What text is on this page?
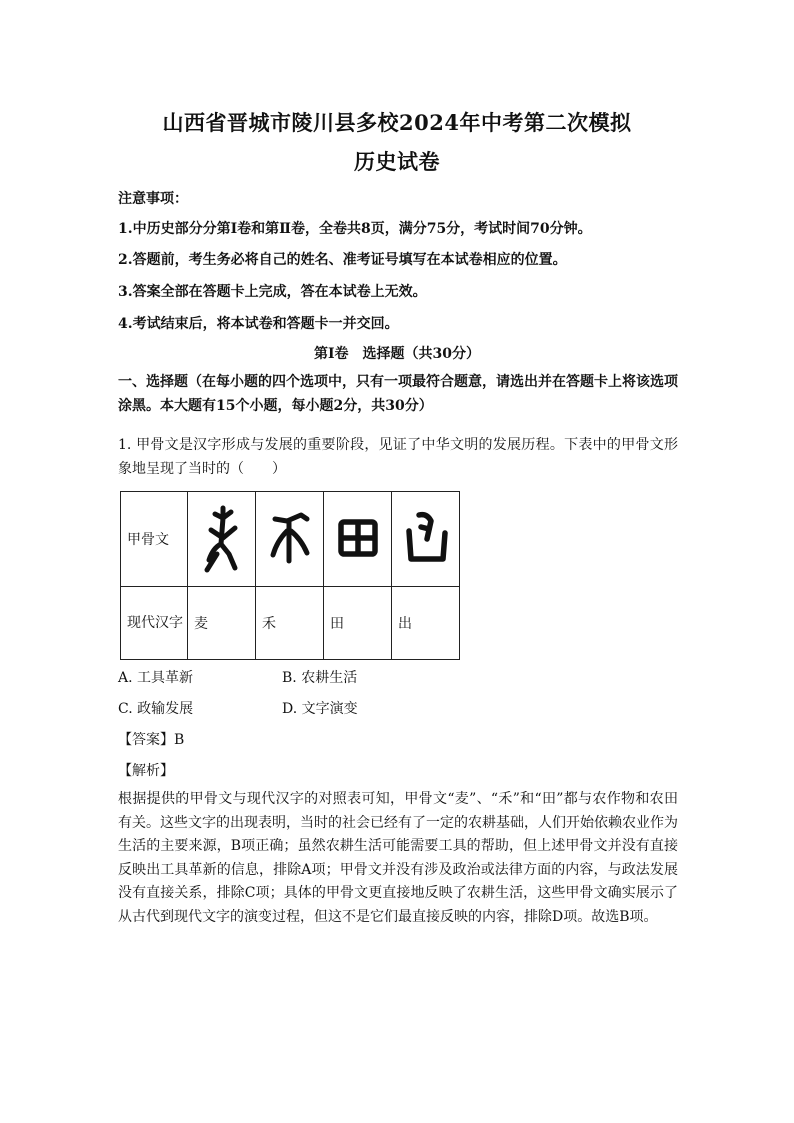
山西省晋城市陵川县多校2024年中考第二次模拟
历史试卷
注意事项：
1.中历史部分分第Ⅰ卷和第Ⅱ卷，全卷共8页，满分75分，考试时间70分钟。
2.答题前，考生务必将自己的姓名、准考证号填写在本试卷相应的位置。
3.答案全部在答题卡上完成，答在本试卷上无效。
4.考试结束后，将本试卷和答题卡一并交回。
第Ⅰ卷　选择题（共30分）
一、选择题（在每小题的四个选项中，只有一项最符合题意，请选出并在答题卡上将该选项涂黑。本大题有15个小题，每小题2分，共30分）
1. 甲骨文是汉字形成与发展的重要阶段，见证了中华文明的发展历程。下表中的甲骨文形象地呈现了当时的（　　）
甲骨文	

现代汉字	麦	禾	田	出
A. 工具革新	B. 农耕生活
C. 政输发展	D. 文字演变
【答案】B
【解析】
根据提供的甲骨文与现代汉字的对照表可知，甲骨文“麦”、“禾”和“田”都与农作物和农田有关。这些文字的出现表明，当时的社会已经有了一定的农耕基础，人们开始依赖农业作为生活的主要来源，B项正确；虽然农耕生活可能需要工具的帮助，但上述甲骨文并没有直接反映出工具革新的信息，排除A项；甲骨文并没有涉及政治或法律方面的内容，与政法发展没有直接关系，排除C项；具体的甲骨文更直接地反映了农耕生活，这些甲骨文确实展示了从古代到现代文字的演变过程，但这不是它们最直接反映的内容，排除D项。故选B项。
